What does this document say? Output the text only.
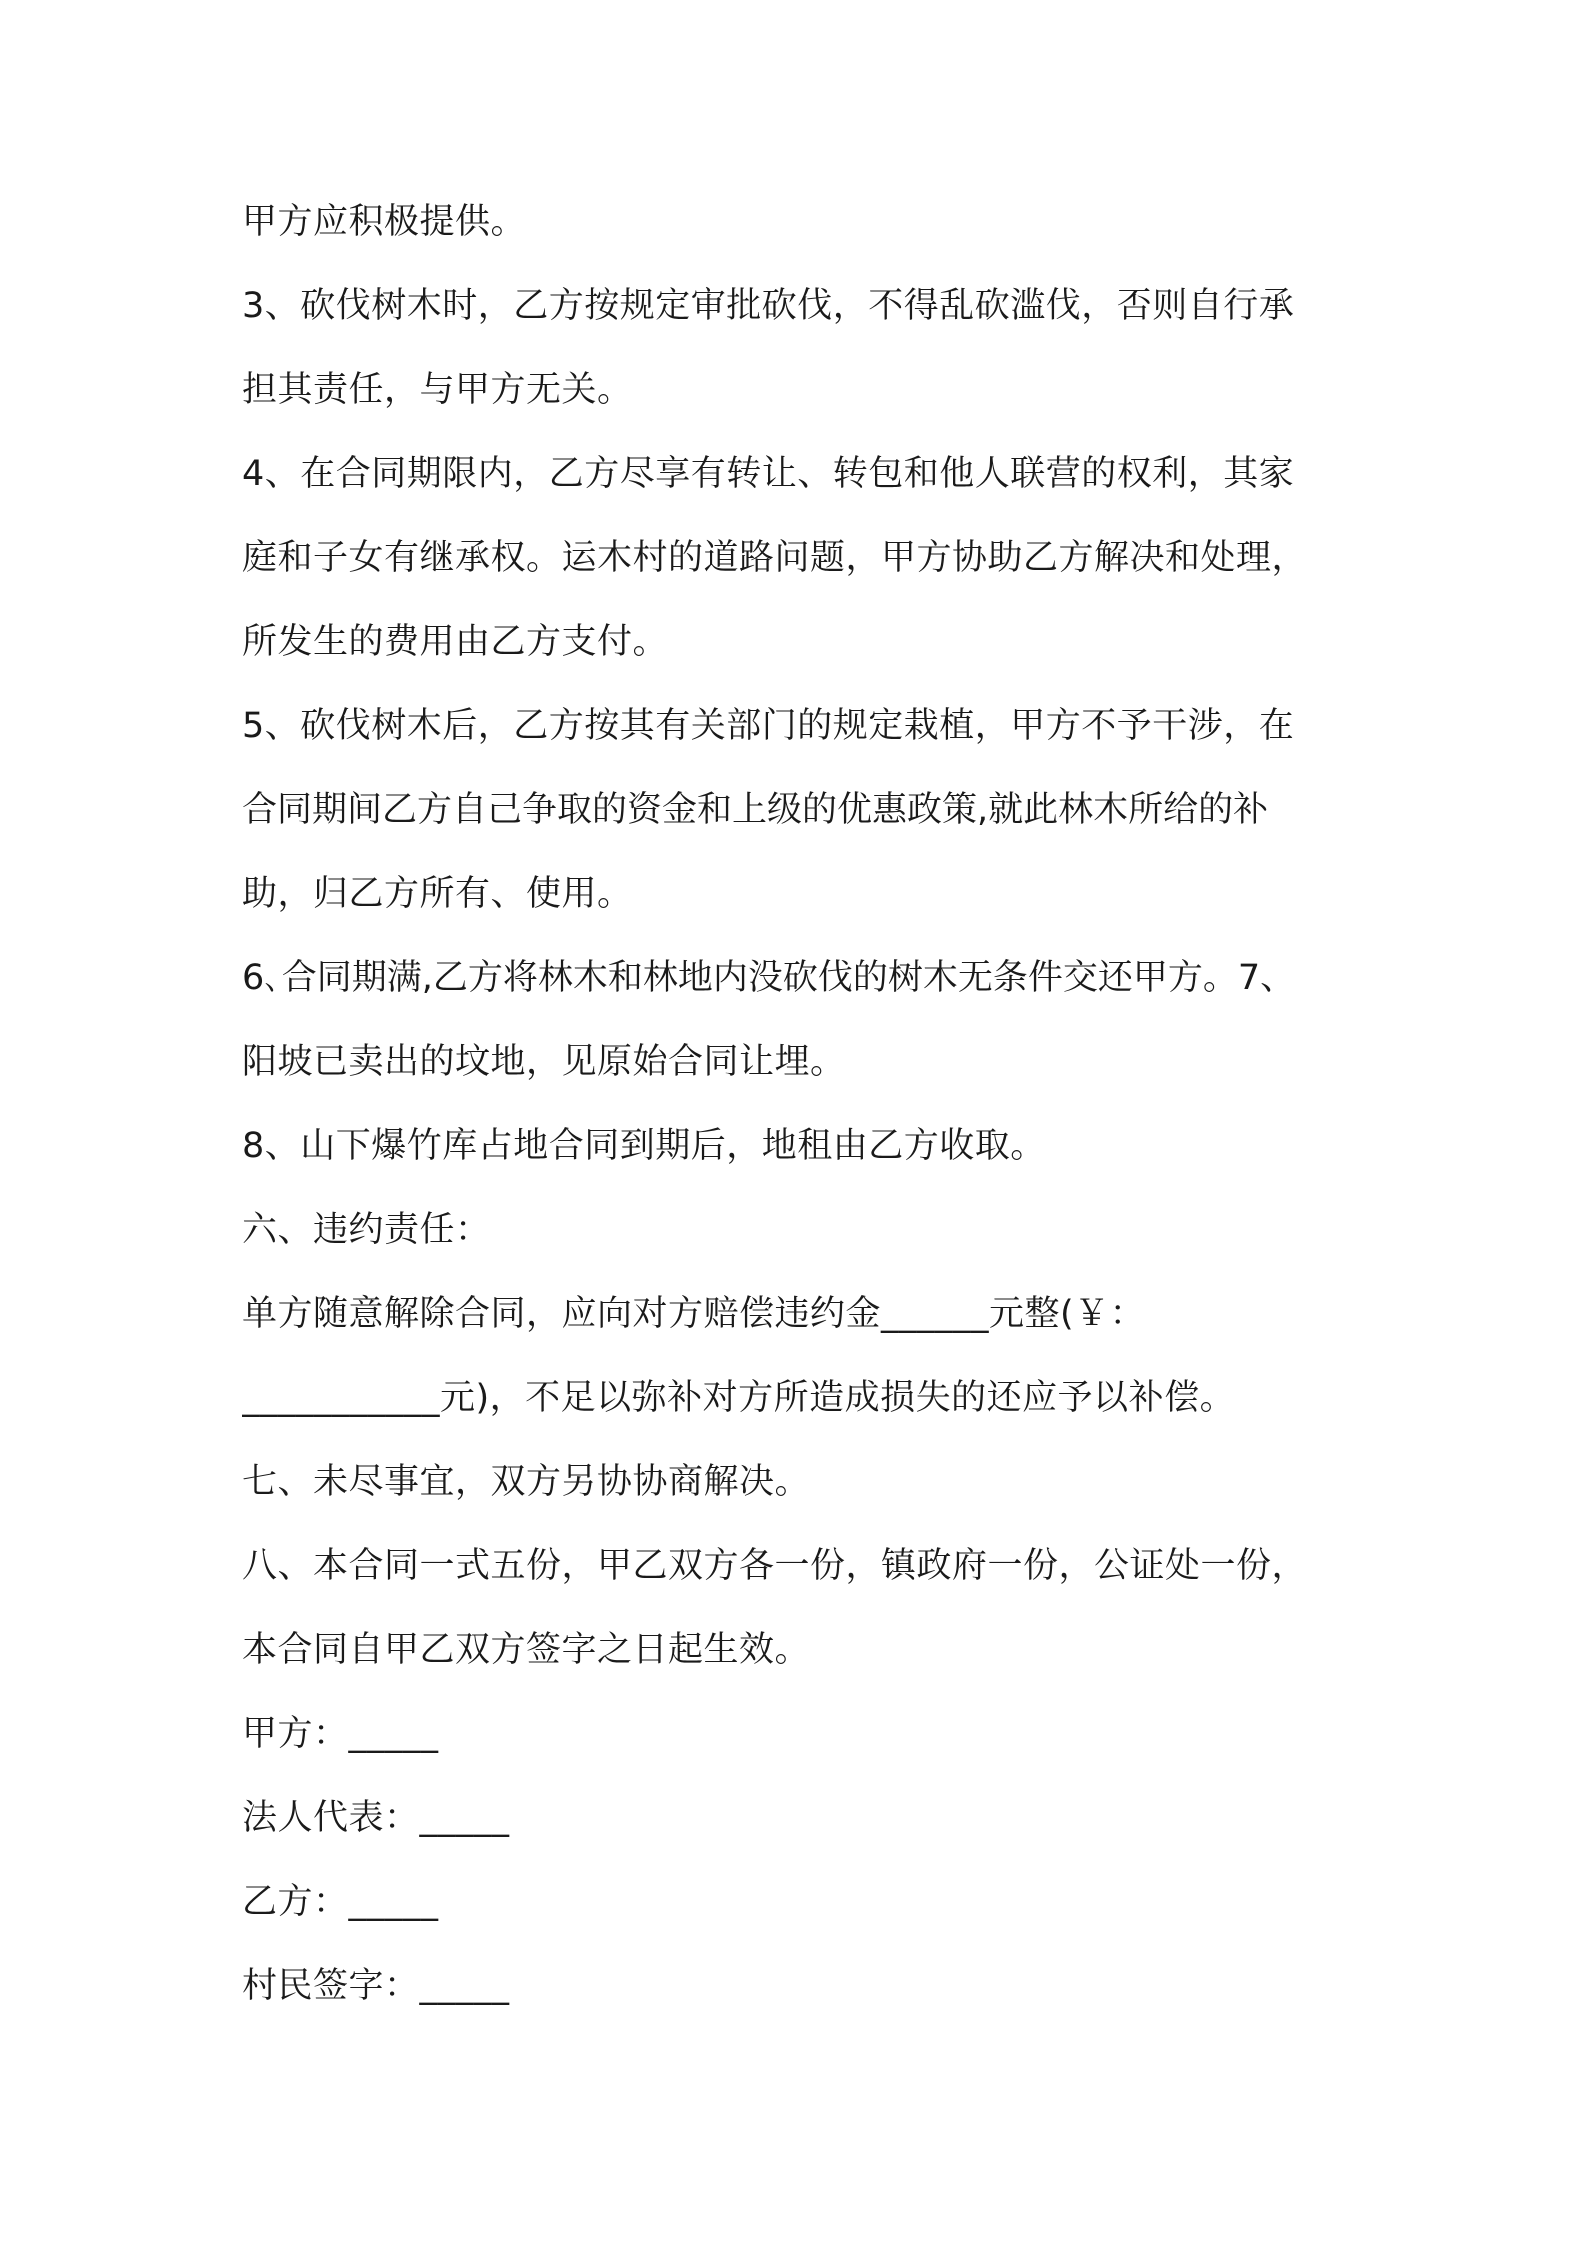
甲方应积极提供。
3、砍伐树木时，乙方按规定审批砍伐，不得乱砍滥伐，否则自行承
担其责任，与甲方无关。
4、在合同期限内，乙方尽享有转让、转包和他人联营的权利，其家
庭和子女有继承权。运木村的道路问题，甲方协助乙方解决和处理，
所发生的费用由乙方支付。
5、砍伐树木后，乙方按其有关部门的规定栽植，甲方不予干涉，在
合同期间乙方自己争取的资金和上级的优惠政策,就此林木所给的补
助，归乙方所有、使用。
6､合同期满,乙方将林木和林地内没砍伐的树木无条件交还甲方。7、
阳坡已卖出的坟地，见原始合同让埋。
8、山下爆竹库占地合同到期后，地租由乙方收取。
六、违约责任：
单方随意解除合同，应向对方赔偿违约金______元整(￥：
___________元)，不足以弥补对方所造成损失的还应予以补偿。
七、未尽事宜，双方另协协商解决。
八、本合同一式五份，甲乙双方各一份，镇政府一份，公证处一份，
本合同自甲乙双方签字之日起生效。
甲方：_____
法人代表：_____
乙方：_____
村民签字：_____
